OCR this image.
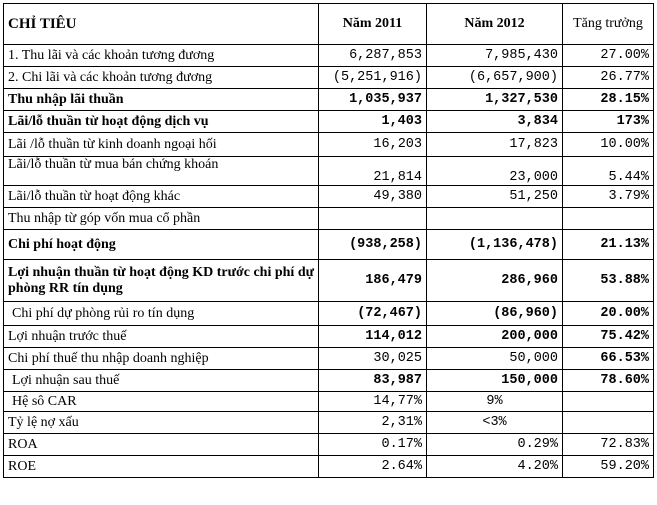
CHỈ TIÊU	Năm 2011	Năm 2012	Tăng trưởng
1. Thu lãi và các khoản tương đương	6,287,853	7,985,430	27.00%
2. Chi lãi và các khoản tương đương	(5,251,916)	(6,657,900)	26.77%
Thu nhập lãi thuần	1,035,937	1,327,530	28.15%
Lãi/lỗ thuần từ hoạt động dịch vụ	1,403	3,834	173%
Lãi /lỗ thuần từ kinh doanh ngoại hối	16,203	17,823	10.00%
Lãi/lỗ thuần từ mua bán chứng khoán	21,814	23,000	5.44%
Lãi/lỗ thuần từ hoạt động khác	49,380	51,250	3.79%
Thu nhập từ góp vốn mua cổ phần			
Chi phí hoạt động	(938,258)	(1,136,478)	21.13%
Lợi nhuận thuần từ hoạt động KD trước chi phí dự phòng RR tín dụng	186,479	286,960	53.88%
Chi phí dự phòng rủi ro tín dụng	(72,467)	(86,960)	20.00%
Lợi nhuận trước thuế	114,012	200,000	75.42%
Chi phí thuế thu nhập doanh nghiệp	30,025	50,000	66.53%
Lợi nhuận sau thuế	83,987	150,000	78.60%
Hệ sô CAR	14,77%	9%	
Tỷ lệ nợ xấu	2,31%	<3%	
ROA	0.17%	0.29%	72.83%
ROE	2.64%	4.20%	59.20%
